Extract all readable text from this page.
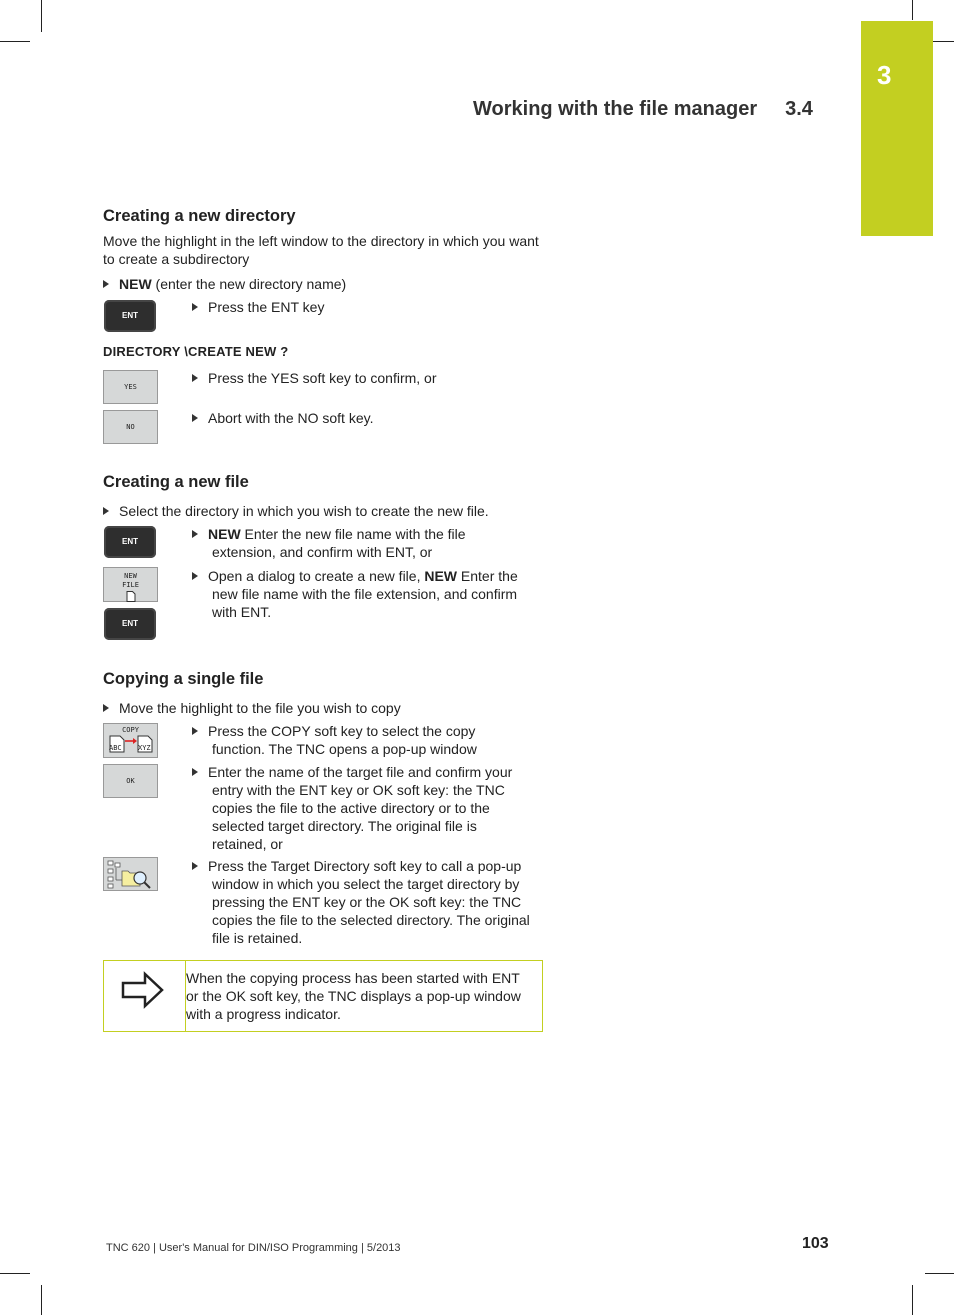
3
Working with the file manager 3.4
Creating a new directory
Move the highlight in the left window to the directory in which you want to create a subdirectory
NEW (enter the new directory name)
ENT
Press the ENT key
DIRECTORY \CREATE NEW ?
YES
Press the YES soft key to confirm, or
NO
Abort with the NO soft key.
Creating a new file
Select the directory in which you wish to create the new file.
ENT	NEW Enter the new file name with the file extension, and confirm with ENT, or
NEW
FILE
ENT
Open a dialog to create a new file, NEW Enter the new file name with the file extension, and confirm with ENT.
Copying a single file
Move the highlight to the file you wish to copy
COPY
ABC XYZ
Press the COPY soft key to select the copy function. The TNC opens a pop-up window
OK
Enter the name of the target file and confirm your entry with the ENT key or OK soft key: the TNC copies the file to the active directory or to the selected target directory. The original file is retained, or
Press the Target Directory soft key to call a pop-up window in which you select the target directory by pressing the ENT key or the OK soft key: the TNC copies the file to the selected directory. The original file is retained.
When the copying process has been started with ENT or the OK soft key, the TNC displays a pop-up window with a progress indicator.
TNC 620 | User's Manual for DIN/ISO Programming | 5/2013	103
